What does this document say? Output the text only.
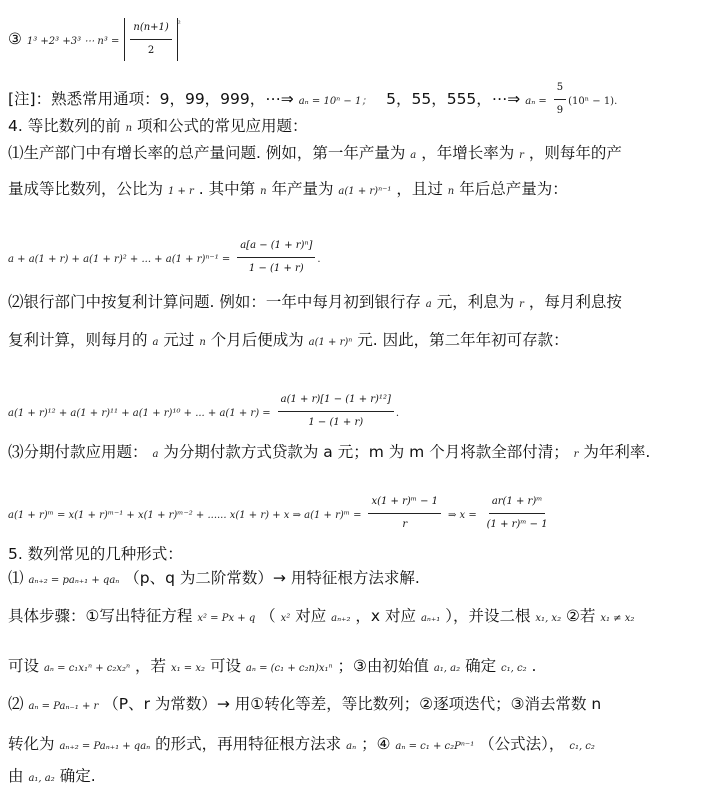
③ 1³ +2³ +3³ ⋯ $n^3 = \frac{n(n+1)}{2} ^{^2}$
[注]：熟悉常用通项：9，99，999，⋯⇒ aₙ = 10ⁿ − 1； 5，55，555，⋯⇒ $a_n = \frac{5}{9} (10^n - 1)$.
4. 等比数列的前 n 项和公式的常见应用题：
⑴生产部门中有增长率的总产量问题. 例如，第一年产量为 a ，年增长率为 r ，则每年的产
量成等比数列，公比为 1 + r . 其中第 n 年产量为 a(1 + r)ⁿ⁻¹ ，且过 n 年后总产量为：
a + a(1 + r) + a(1 + r)² + ... + $a(1 + r)^{n-1} = \frac{\text{a[a − (1 + r)ⁿ]}}{1 - (1 + r)}$ .
⑵银行部门中按复利计算问题. 例如：一年中每月初到银行存 a 元，利息为 r ，每月利息按
复利计算，则每月的 a 元过 n 个月后便成为 a(1 + r)ⁿ 元. 因此，第二年年初可存款：
a(1 + r)¹² + a(1 + r)¹¹ + a(1 + r)¹⁰ + ... + $a(1 + r) = \frac{\text{a(1 + r)[1 − (1 + r)¹²]}}{1 - (1 + r)}$ .
⑶分期付款应用题： a 为分期付款方式贷款为 a 元；m 为 m 个月将款全部付清； r 为年利率.
a(1 + r)ᵐ = x(1 + r)ᵐ⁻¹ + x(1 + r)ᵐ⁻² + ...... x(1 + r) + x ⇒ a(1 + r)ᵐ = $\frac{\text{x(1 + r)ᵐ − 1}}{r}$ ⇒ $x = \frac{\text{ar(1 + r)ᵐ}}{\text{(1 + r)ᵐ − 1}}$
5. 数列常见的几种形式：
⑴ aₙ₊₂ = paₙ₊₁ + qaₙ （p、q 为二阶常数）→ 用特征根方法求解.
具体步骤：①写出特征方程 x² = Px + q （ x² 对应 aₙ₊₂ ，x 对应 aₙ₊₁ ），并设二根 x₁, x₂ ②若 x₁ ≠ x₂
可设 aₙ = c₁x₁ⁿ + c₂x₂ⁿ ，若 x₁ = x₂ 可设 aₙ = (c₁ + c₂n)x₁ⁿ ；③由初始值 a₁, a₂ 确定 c₁, c₂ .
⑵ aₙ = Paₙ₋₁ + r （P、r 为常数）→ 用①转化等差，等比数列；②逐项迭代；③消去常数 n
转化为 aₙ₊₂ = Paₙ₊₁ + qaₙ 的形式，再用特征根方法求 aₙ ；④ aₙ = c₁ + c₂Pⁿ⁻¹ （公式法）， c₁, c₂
由 a₁, a₂ 确定.
